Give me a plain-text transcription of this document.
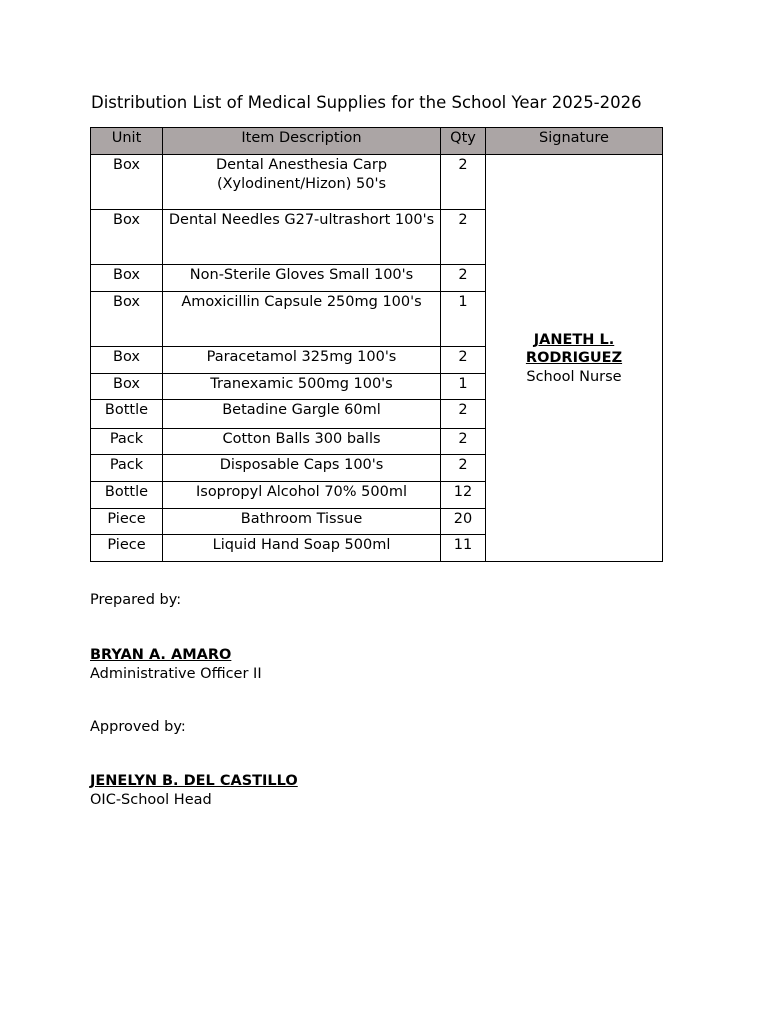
Distribution List of Medical Supplies for the School Year 2025-2026
Unit	Item Description	Qty	Signature
Box	Dental Anesthesia Carp (Xylodinent/Hizon) 50's	2	JANETH L. RODRIGUEZ
School Nurse

Box	Dental Needles G27-ultrashort 100's	2	
Box	Non-Sterile Gloves Small 100's	2	
Box	Amoxicillin Capsule 250mg 100's	1	
Box	Paracetamol 325mg 100's	2	
Box	Tranexamic 500mg 100's	1	
Bottle	Betadine Gargle 60ml	2	
Pack	Cotton Balls 300 balls	2	
Pack	Disposable Caps 100's	2	
Bottle	Isopropyl Alcohol 70% 500ml	12	
Piece	Bathroom Tissue	20	
Piece	Liquid Hand Soap 500ml	11	
Prepared by:
BRYAN A. AMARO
Administrative Officer II
Approved by:
JENELYN B. DEL CASTILLO
OIC-School Head
